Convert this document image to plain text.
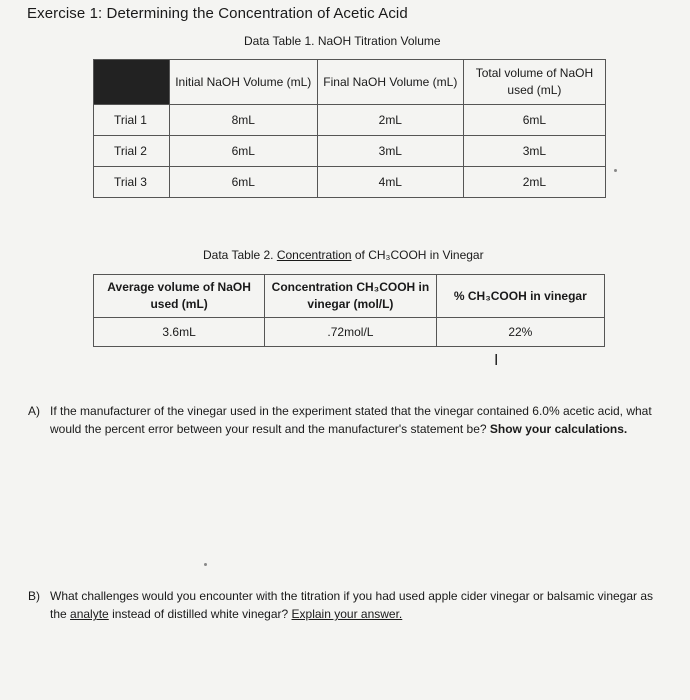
Exercise 1: Determining the Concentration of Acetic Acid
Data Table 1. NaOH Titration Volume
	Initial NaOH Volume (mL)	Final NaOH Volume (mL)	Total volume of NaOH used (mL)
Trial 1	8mL	2mL	6mL
Trial 2	6mL	3mL	3mL
Trial 3	6mL	4mL	2mL
Data Table 2. Concentration of CH₃COOH in Vinegar
Average volume of NaOH used (mL)	Concentration CH₃COOH in vinegar (mol/L)	% CH₃COOH in vinegar
3.6mL	.72mol/L	22%
I
A) If the manufacturer of the vinegar used in the experiment stated that the vinegar contained 6.0% acetic acid, what would the percent error between your result and the manufacturer's statement be? Show your calculations.
B) What challenges would you encounter with the titration if you had used apple cider vinegar or balsamic vinegar as the analyte instead of distilled white vinegar? Explain your answer.
